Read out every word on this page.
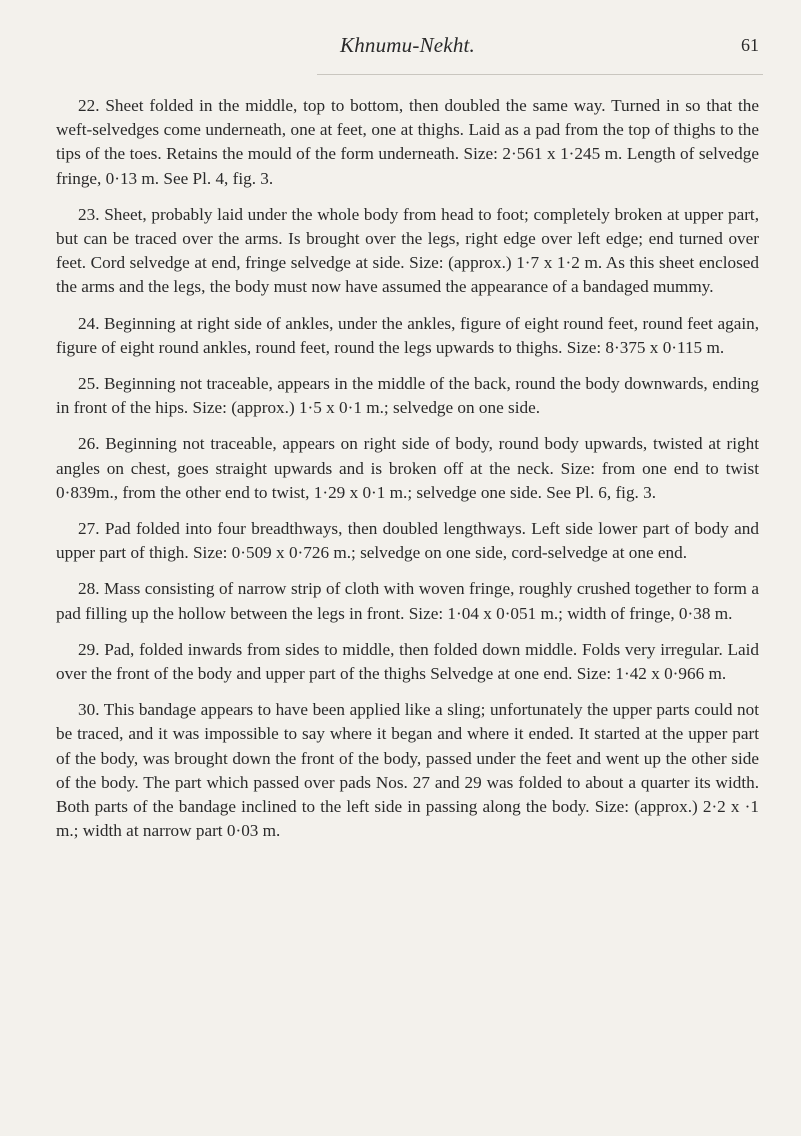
Khnumu-Nekht.	61

22. Sheet folded in the middle, top to bottom, then doubled the same way. Turned in so that the weft-selvedges come underneath, one at feet, one at thighs. Laid as a pad from the top of thighs to the tips of the toes. Retains the mould of the form underneath. Size: 2·561 x 1·245 m. Length of selvedge fringe, 0·13 m. See Pl. 4, fig. 3.

23. Sheet, probably laid under the whole body from head to foot; completely broken at upper part, but can be traced over the arms. Is brought over the legs, right edge over left edge; end turned over feet. Cord selvedge at end, fringe selvedge at side. Size: (approx.) 1·7 x 1·2 m. As this sheet enclosed the arms and the legs, the body must now have assumed the appearance of a bandaged mummy.

24. Beginning at right side of ankles, under the ankles, figure of eight round feet, round feet again, figure of eight round ankles, round feet, round the legs upwards to thighs. Size: 8·375 x 0·115 m.

25. Beginning not traceable, appears in the middle of the back, round the body downwards, ending in front of the hips. Size: (approx.) 1·5 x 0·1 m.; selvedge on one side.

26. Beginning not traceable, appears on right side of body, round body upwards, twisted at right angles on chest, goes straight upwards and is broken off at the neck. Size: from one end to twist 0·839m., from the other end to twist, 1·29 x 0·1 m.; selvedge one side. See Pl. 6, fig. 3.

27. Pad folded into four breadthways, then doubled lengthways. Left side lower part of body and upper part of thigh. Size: 0·509 x 0·726 m.; selvedge on one side, cord-selvedge at one end.

28. Mass consisting of narrow strip of cloth with woven fringe, roughly crushed together to form a pad filling up the hollow between the legs in front. Size: 1·04 x 0·051 m.; width of fringe, 0·38 m.

29. Pad, folded inwards from sides to middle, then folded down middle. Folds very irregular. Laid over the front of the body and upper part of the thighs Selvedge at one end. Size: 1·42 x 0·966 m.

30. This bandage appears to have been applied like a sling; unfortunately the upper parts could not be traced, and it was impossible to say where it began and where it ended. It started at the upper part of the body, was brought down the front of the body, passed under the feet and went up the other side of the body. The part which passed over pads Nos. 27 and 29 was folded to about a quarter its width. Both parts of the bandage inclined to the left side in passing along the body. Size: (approx.) 2·2 x ·1 m.; width at narrow part 0·03 m.
